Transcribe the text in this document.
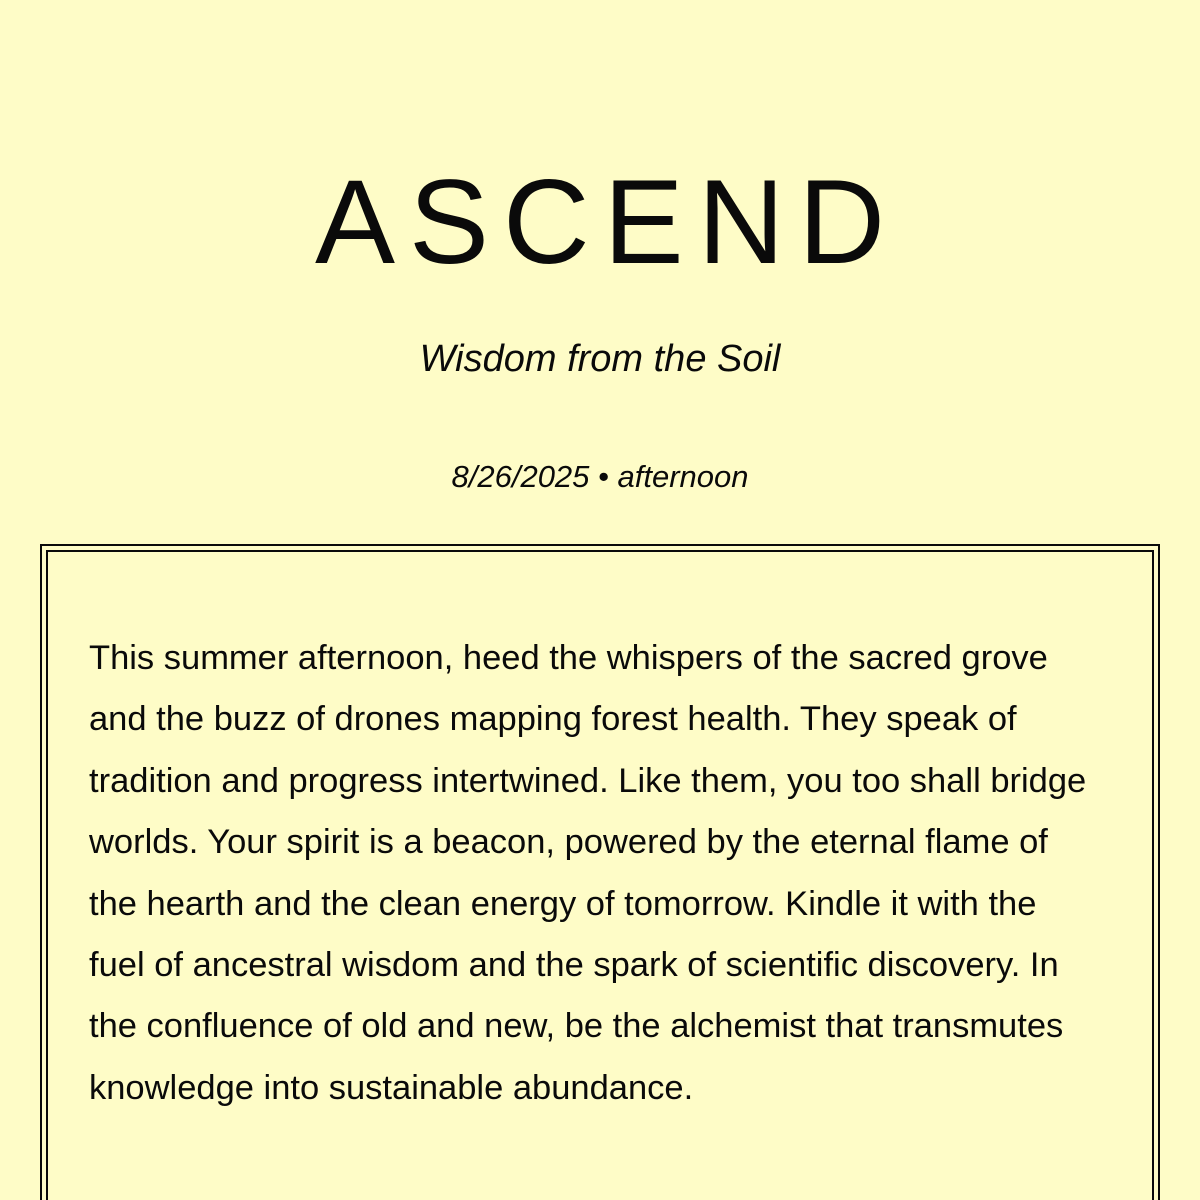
ASCEND

Wisdom from the Soil

8/26/2025 • afternoon

This summer afternoon, heed the whispers of the sacred grove and the buzz of drones mapping forest health. They speak of tradition and progress intertwined. Like them, you too shall bridge worlds. Your spirit is a beacon, powered by the eternal flame of the hearth and the clean energy of tomorrow. Kindle it with the fuel of ancestral wisdom and the spark of scientific discovery. In the confluence of old and new, be the alchemist that transmutes knowledge into sustainable abundance.
